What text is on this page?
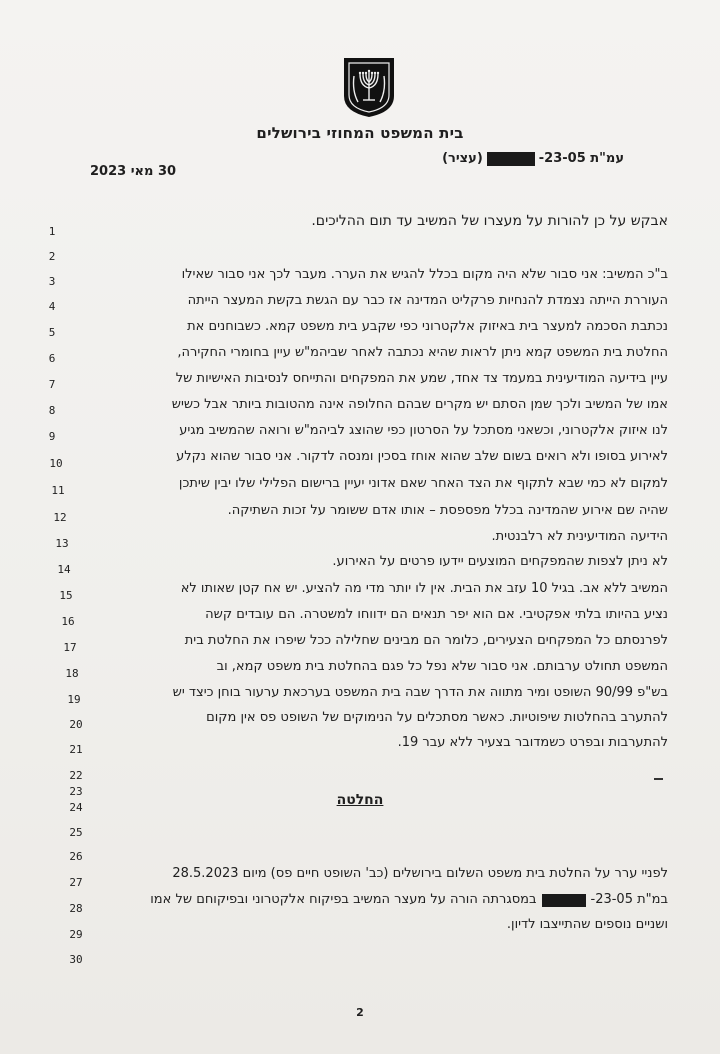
בית המשפט המחוזי בירושלים
עמ"ת 23-05-
(עציר)
30 מאי 2023
1
2
3
4
5
6
7
8
9
10
11
12
13
14
15
16
17
18
19
20
21
22
23
24
25
26
27
28
29
30
אבקש על כן להורות על מעצרו של המשיב עד תום ההליכים.
ב"כ המשיב: אני סבור שלא היה מקום בכלל להגיש את הערר. מעבר לכך אני סבור שאילו
העוררת הייתה נצמדת להנחיות פרקליט המדינה אז כבר עם הגשת בקשת המעצר הייתה
נכתבת הסכמה למעצר בית באיזוק אלקטרוני כפי שקבע בית משפט קמא. כשבוחנים את
החלטת בית המשפט קמא ניתן לראות שהיא נכתבה לאחר שביהמ"ש עיין בחומרי החקירה,
עיין בידיעה המודיעינית במעמד צד אחד, שמע את המפקחים והתייחס לנסיבות האישיות של
אמו של המשיב ולכך שמן הסתם יש מקרים שבהם החלופה אינה מהטובות ביותר אבל כשיש
לנו איזוק אלקטרוני, וכשאני מסתכל על הסרטון כפי שהוצג לביהמ"ש ורואה שהמשיב מגיע
לאירוע בסופו ולא רואים בשום שלב שהוא אוחז בסכין ומנסה לדקור. אני סבור שהוא נקלע
למקום לא כמי שבא לתקוף את הצד האחר שאם אדוני יעיין ברישום הפלילי שלו יבין שיתכן
שהיה שם אירוע שהמדינה בכלל מפספסת – אותו אדם ששומר על זכות השתיקה.
הידיעה המודיעינית לא רלבנטית.
לא ניתן לצפות שהמפקחים המוצעים יידעו פרטים על האירוע.
המשיב ללא אב. בגיל 10 עזב את הבית. אין לו יותר מדי מה להציע. יש אח קטן שאותו לא
נציע בהיותו בלתי אפקטיבי. אם הוא יפר תנאים הם ידווחו למשטרה. הם עובדים קשה
לפרנסתם כל המפקחים הצעירים, כלומר הם מבינים שחלילה ככל שיפרו את החלטת בית
המשפט תחולט ערבותם. אני סבור שלא נפל כל פגם בהחלטת בית משפט קמא, וב
בש"פ 90/99 השופט ומיר מתווה את הדרך שבה בית המשפט בערכאת ערעור בוחן כיצד יש
להתערב בהחלטות שיפוטיות. כאשר מסתכלים על הנימוקים של השופט פס אין מקום
להתערבות ובפרט כשמדובר בצעיר ללא עבר 19.
החלטה
לפניי ערר על החלטת בית משפט השלום בירושלים (כב' השופט חיים פס) מיום 28.5.2023
במ"ת 23-05-
במסגרתה הורה על מעצר המשיב בפיקוח אלקטרוני ובפיקוחם של אמו
ושניים נוספים שהתייצבו לדיון.
2
